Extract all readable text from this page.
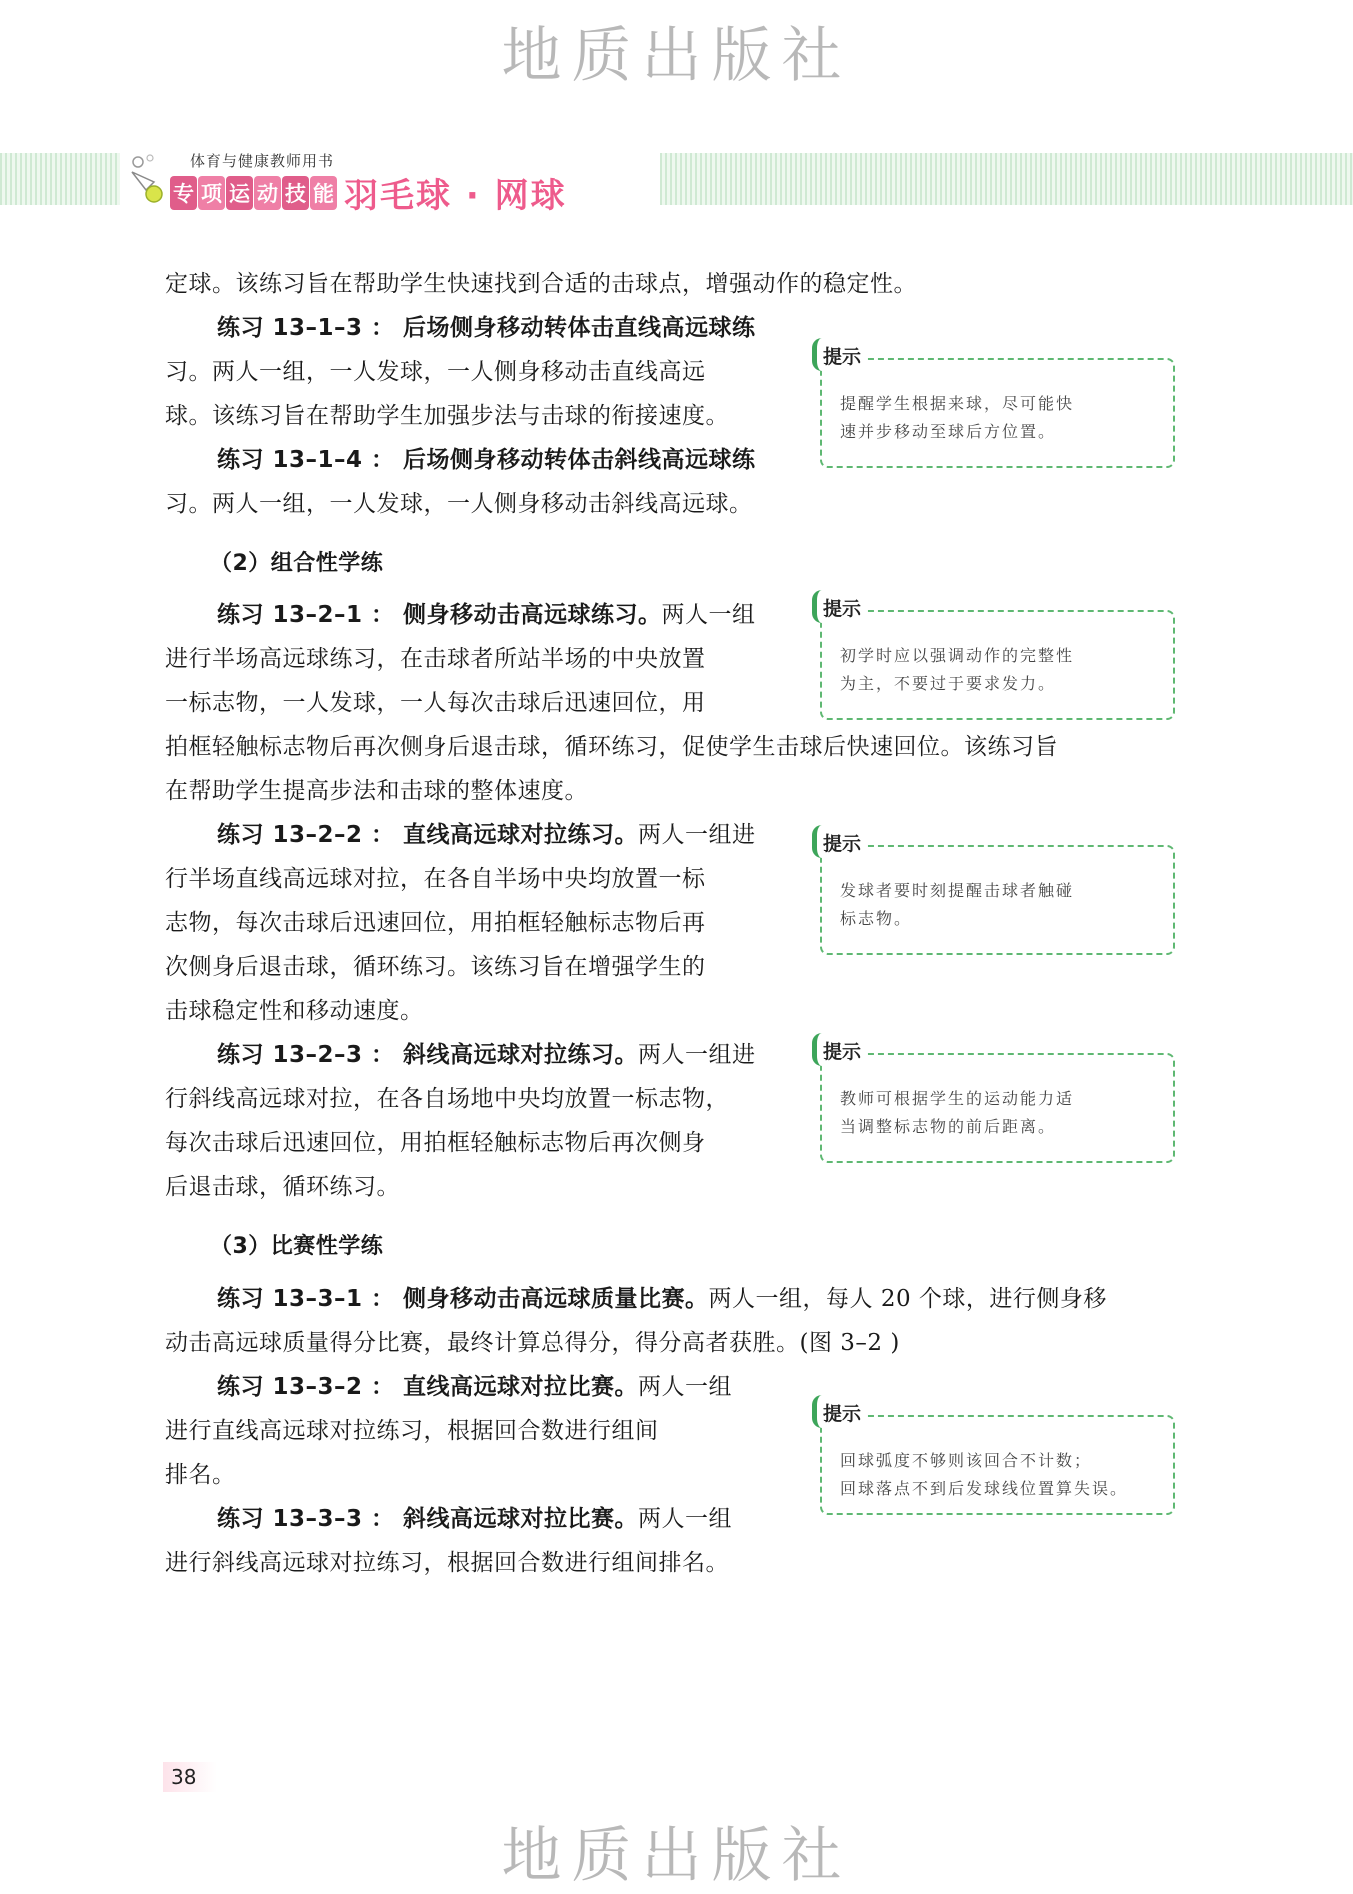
地质出版社
体育与健康教师用书
专 项 运 动 技 能 羽毛球 · 网球
定球。该练习旨在帮助学生快速找到合适的击球点，增强动作的稳定性。
练习 13–1–3 ： 后场侧身移动转体击直线高远球练
习。两人一组，一人发球，一人侧身移动击直线高远
球。该练习旨在帮助学生加强步法与击球的衔接速度。
练习 13–1–4 ： 后场侧身移动转体击斜线高远球练
习。两人一组，一人发球，一人侧身移动击斜线高远球。
（2）组合性学练
练习 13–2–1 ： 侧身移动击高远球练习。两人一组
进行半场高远球练习，在击球者所站半场的中央放置
一标志物，一人发球，一人每次击球后迅速回位，用
拍框轻触标志物后再次侧身后退击球，循环练习，促使学生击球后快速回位。该练习旨
在帮助学生提高步法和击球的整体速度。
练习 13–2–2 ： 直线高远球对拉练习。两人一组进
行半场直线高远球对拉，在各自半场中央均放置一标
志物，每次击球后迅速回位，用拍框轻触标志物后再
次侧身后退击球，循环练习。该练习旨在增强学生的
击球稳定性和移动速度。
练习 13–2–3 ： 斜线高远球对拉练习。两人一组进
行斜线高远球对拉，在各自场地中央均放置一标志物，
每次击球后迅速回位，用拍框轻触标志物后再次侧身
后退击球，循环练习。
（3）比赛性学练
练习 13–3–1 ： 侧身移动击高远球质量比赛。两人一组，每人 20 个球，进行侧身移
动击高远球质量得分比赛，最终计算总得分，得分高者获胜。(图 3–2 )
练习 13–3–2 ： 直线高远球对拉比赛。两人一组
进行直线高远球对拉练习，根据回合数进行组间
排名。
练习 13–3–3 ： 斜线高远球对拉比赛。两人一组
进行斜线高远球对拉练习，根据回合数进行组间排名。
提示
提醒学生根据来球，尽可能快
速并步移动至球后方位置。
提示
初学时应以强调动作的完整性
为主，不要过于要求发力。
提示
发球者要时刻提醒击球者触碰
标志物。
提示
教师可根据学生的运动能力适
当调整标志物的前后距离。
提示
回球弧度不够则该回合不计数；
回球落点不到后发球线位置算失误。
38
地质出版社
